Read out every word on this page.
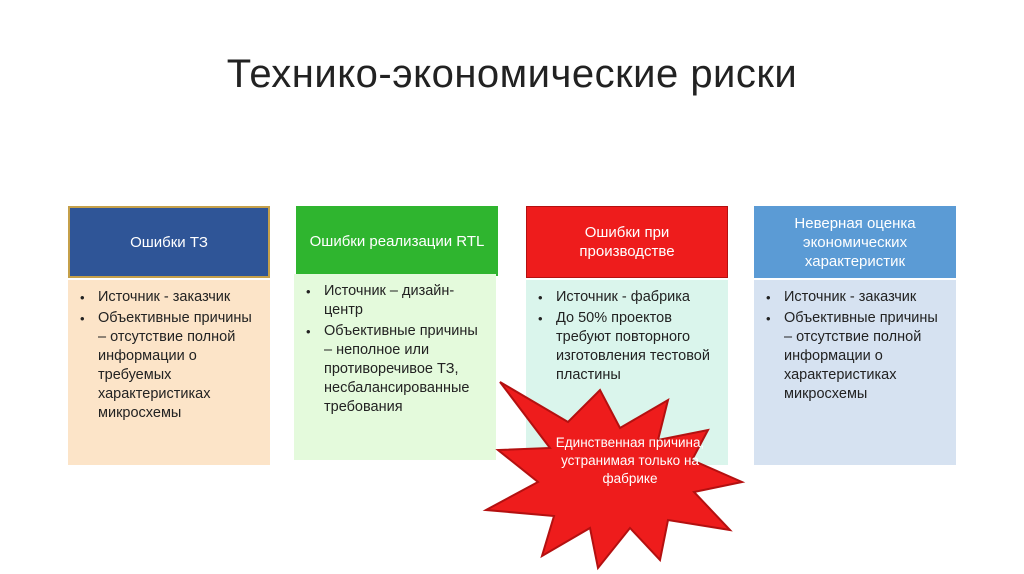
Технико-экономические риски
Ошибки ТЗ
• Источник - заказчик
• Объективные причины – отсутствие полной информации о требуемых характеристиках микросхемы
Ошибки реализации RTL
• Источник – дизайн-центр
• Объективные причины – неполное или противоречивое ТЗ, несбалансированные требования
Ошибки при производстве
• Источник - фабрика
• До 50% проектов требуют повторного изготовления тестовой пластины
Неверная оценка экономических характеристик
• Источник - заказчик
• Объективные причины – отсутствие полной информации о характеристиках микросхемы
Единственная причина, устранимая только на фабрике
